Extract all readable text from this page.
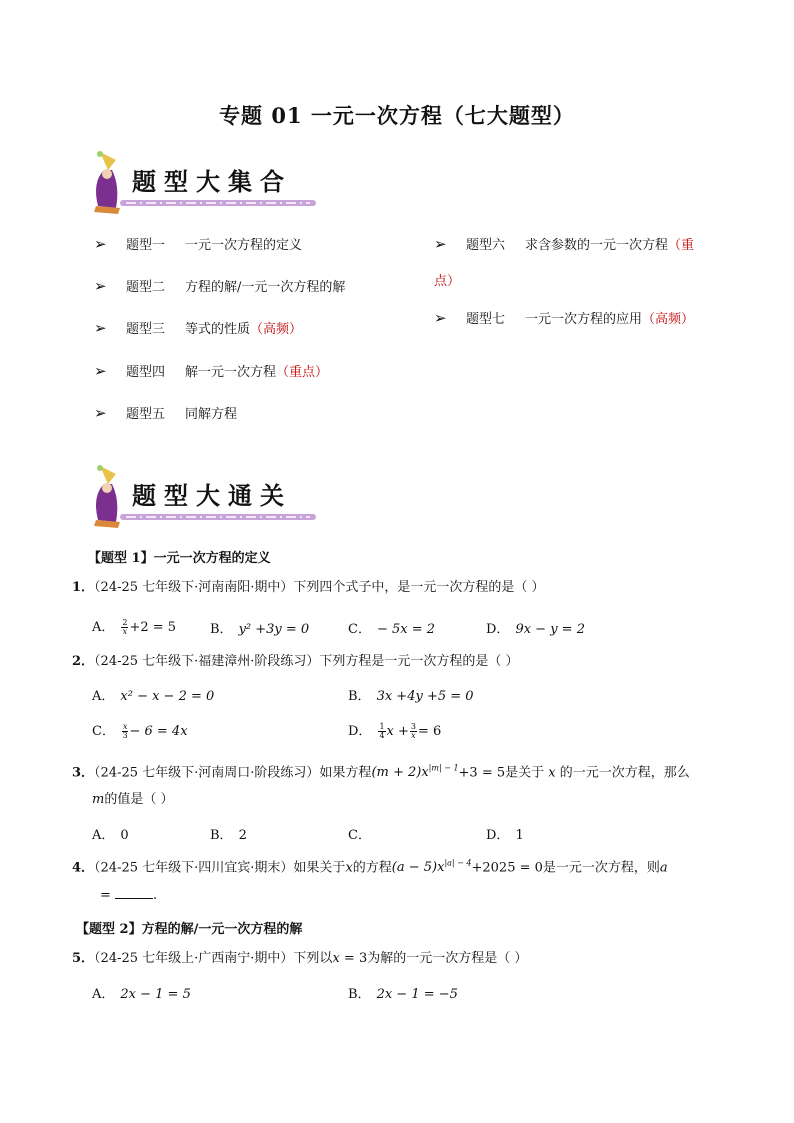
专题 01 一元一次方程（七大题型）
题型大集合
➢	题型一 一元一次方程的定义
➢	题型二 方程的解/一元一次方程的解
➢	题型三 等式的性质 （高频）
➢	题型四 解一元一次方程 （重点）
➢	题型五 同解方程
➢	题型六 求含参数的一元一次方程 （重
点）
➢	题型七 一元一次方程的应用 （高频）
题型大通关
【题型 1】一元一次方程的定义
1．（24-25 七年级下·河南南阳·期中）下列四个式子中，是一元一次方程的是（ ）
A． $\frac{2}{x} +2 = 5$	B． y² +3y = 0	C． − 5x = 2	D． 9x − y = 2
2．（24-25 七年级下·福建漳州·阶段练习）下列方程是一元一次方程的是（ ）
A． x² − x − 2 = 0	B． 3x +4y +5 = 0
C． $\frac{x}{3} - 6 = 4x$	D． $\frac{1}{4}$ $x + \frac{3}{x} = 6$
3．（24-25 七年级下·河南周口·阶段练习）如果方程$(m + 2)x^{|m| - 1}+3 = 5$是关于 x 的一元一次方程，那么
m的值是（ ）
A． 0	B． 2	C．	D． 1
4．（24-25 七年级下·四川宜宾·期末）如果关于x的方程$(a - 5)x^{|a| - 4}+2025 = 0$是一元一次方程，则a
=	.
【题型 2】方程的解/一元一次方程的解
5．（24-25 七年级上·广西南宁·期中）下列以x = 3为解的一元一次方程是（ ）
A． 2x − 1 = 5	B． 2x − 1 = −5
